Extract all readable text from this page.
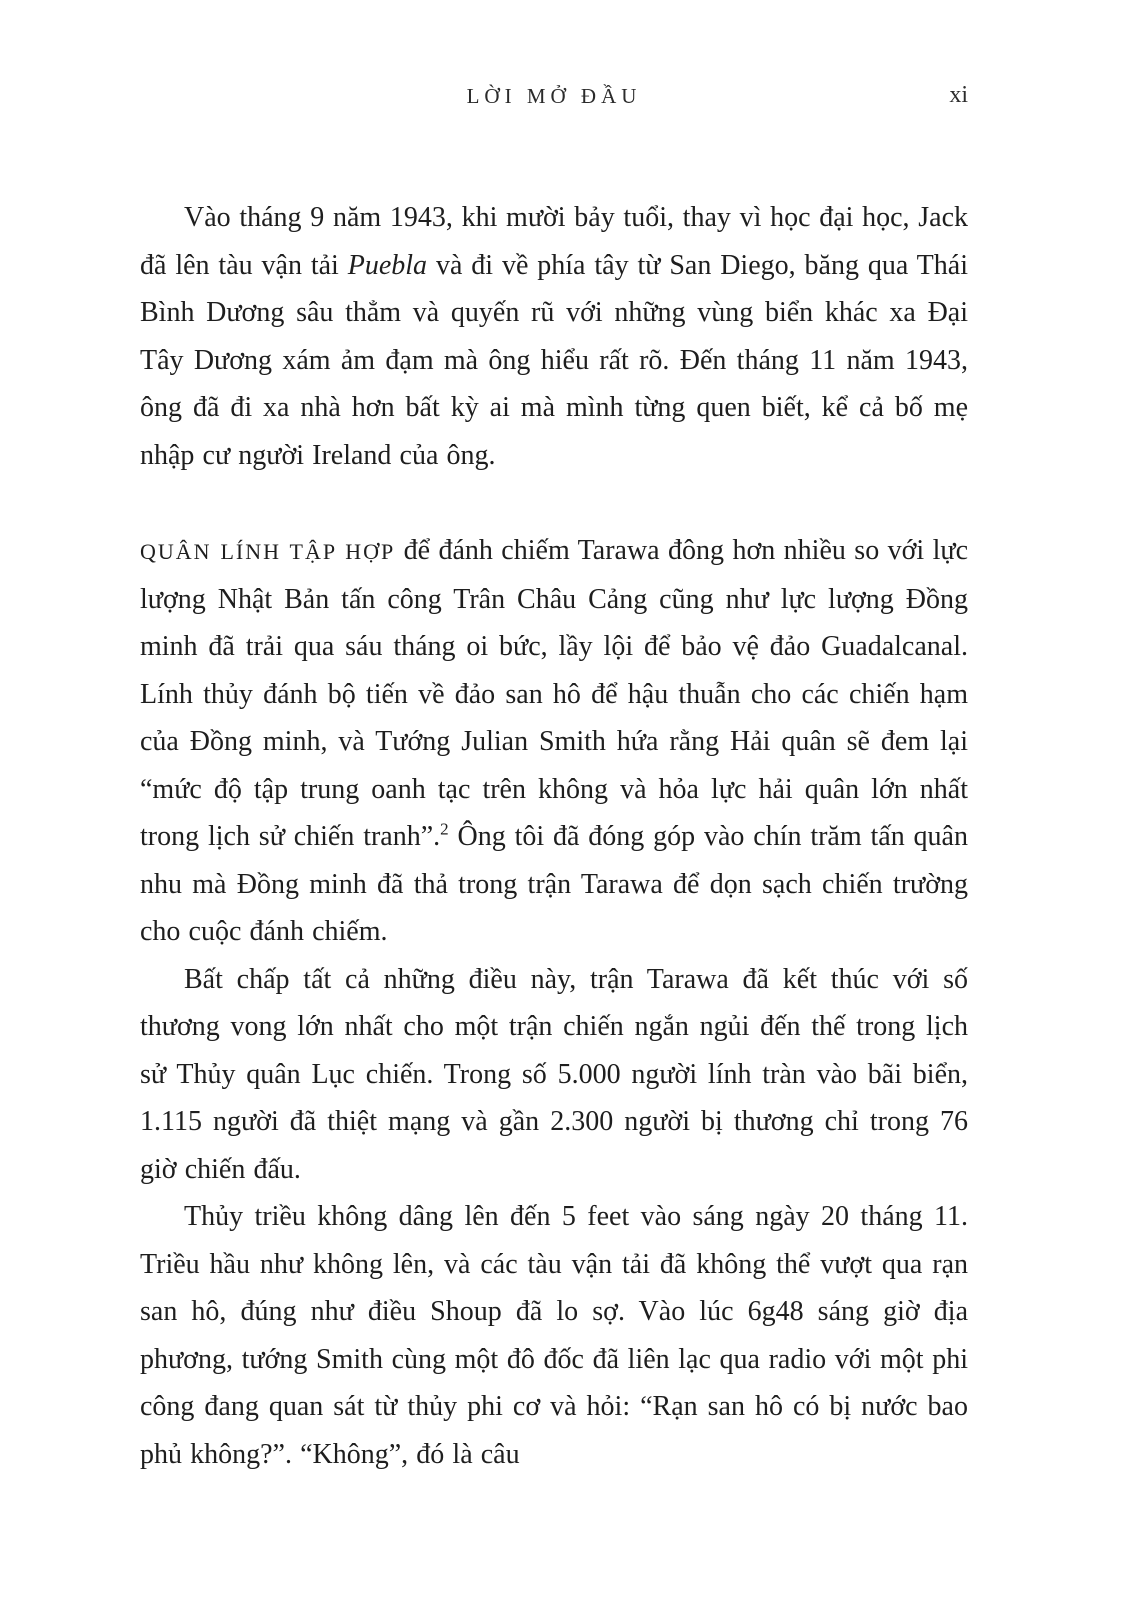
LỜI MỞ ĐẦU	xi

Vào tháng 9 năm 1943, khi mười bảy tuổi, thay vì học đại học, Jack đã lên tàu vận tải Puebla và đi về phía tây từ San Diego, băng qua Thái Bình Dương sâu thẳm và quyến rũ với những vùng biển khác xa Đại Tây Dương xám ảm đạm mà ông hiểu rất rõ. Đến tháng 11 năm 1943, ông đã đi xa nhà hơn bất kỳ ai mà mình từng quen biết, kể cả bố mẹ nhập cư người Ireland của ông.

QUÂN LÍNH TẬP HỢP để đánh chiếm Tarawa đông hơn nhiều so với lực lượng Nhật Bản tấn công Trân Châu Cảng cũng như lực lượng Đồng minh đã trải qua sáu tháng oi bức, lầy lội để bảo vệ đảo Guadalcanal. Lính thủy đánh bộ tiến về đảo san hô để hậu thuẫn cho các chiến hạm của Đồng minh, và Tướng Julian Smith hứa rằng Hải quân sẽ đem lại “mức độ tập trung oanh tạc trên không và hỏa lực hải quân lớn nhất trong lịch sử chiến tranh”.$^2$ Ông tôi đã đóng góp vào chín trăm tấn quân nhu mà Đồng minh đã thả trong trận Tarawa để dọn sạch chiến trường cho cuộc đánh chiếm.

Bất chấp tất cả những điều này, trận Tarawa đã kết thúc với số thương vong lớn nhất cho một trận chiến ngắn ngủi đến thế trong lịch sử Thủy quân Lục chiến. Trong số 5.000 người lính tràn vào bãi biển, 1.115 người đã thiệt mạng và gần 2.300 người bị thương chỉ trong 76 giờ chiến đấu.

Thủy triều không dâng lên đến 5 feet vào sáng ngày 20 tháng 11. Triều hầu như không lên, và các tàu vận tải đã không thể vượt qua rạn san hô, đúng như điều Shoup đã lo sợ. Vào lúc 6g48 sáng giờ địa phương, tướng Smith cùng một đô đốc đã liên lạc qua radio với một phi công đang quan sát từ thủy phi cơ và hỏi: “Rạn san hô có bị nước bao phủ không?”. “Không”, đó là câu
